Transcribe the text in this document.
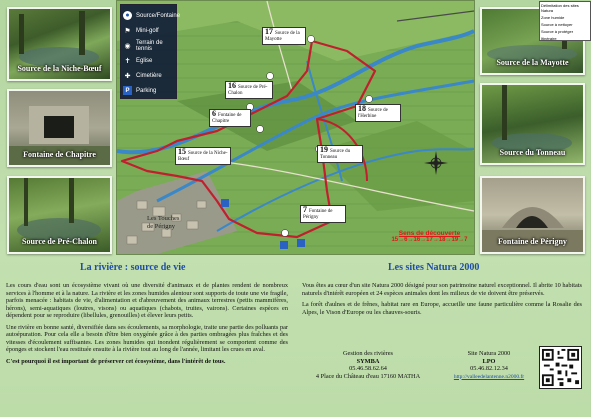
Source de la Niche-Bœuf
Fontaine de Chapitre
Source de Pré-Chalon
Source de la Mayotte
Source du Tonneau
Fontaine de Périgny
●	Source/Fontaine
⚑ Mini-golf
◉ Terrain de tennis
✝ Eglise
✚ Cimetière
P	Parking
Délimitation des sites Natura
Zone humide
Source à nettoyer
Source à protéger
Itinéraire
17 Source de la Mayotte
16 Source de Pré-Chalon
6 Fontaine de Chapitre
15 Source de la Niche-Bœuf
18 Source de l'Herbine
19 Source du Tonneau
7 Fontaine de Périgny
Les Touches de Périgny
Sens de découverte
15→6→16→17→18→19→7
La rivière : source de vie	Les sites Natura 2000

Les cours d'eau sont un écosystème vivant où une diversité d'animaux et de plantes rendent de nombreux services à l'homme et à la nature. La rivière et les zones humides alentour sont supports de toute une vie fragile, parfois menacée : habitats de vie, d'alimentation et d'abreuvement des animaux terrestres (petits mammifères, hérons), semi-aquatiques (loutres, visons) ou aquatiques (chabots, truites, vairons). Certaines espèces en dépendent pour se reproduire (libellules, grenouilles) et élever leurs petits.

Une rivière en bonne santé, diversifiée dans ses écoulements, sa morphologie, traite une partie des polluants par autoépuration. Pour cela elle a besoin d'être bien oxygénée grâce à des parties ombragées plus fraîches et des vitesses d'écoulement suffisantes. Les zones humides qui inondent régulièrement se comportent comme des éponges et stockent l'eau restituée ensuite à la rivière tout au long de l'année, limitant les crues en aval.

C'est pourquoi il est important de préserver cet écosystème, dans l'intérêt de tous.

Vous êtes au cœur d'un site Natura 2000 désigné pour son patrimoine naturel exceptionnel. Il abrite 10 habitats naturels d'intérêt européen et 24 espèces animales dont les milieux de vie doivent être préservés.

La forêt d'aulnes et de frênes, habitat rare en Europe, accueille une faune particulière comme la Rosalie des Alpes, le Vison d'Europe ou les chauves-souris.

Gestion des rivières
SYMBA
05.46.58.62.64
4 Place du Château d'eau 17160 MATHA
Site Natura 2000
LPO
05.46.82.12.34
http://valleedelantenne.n2000.fr
